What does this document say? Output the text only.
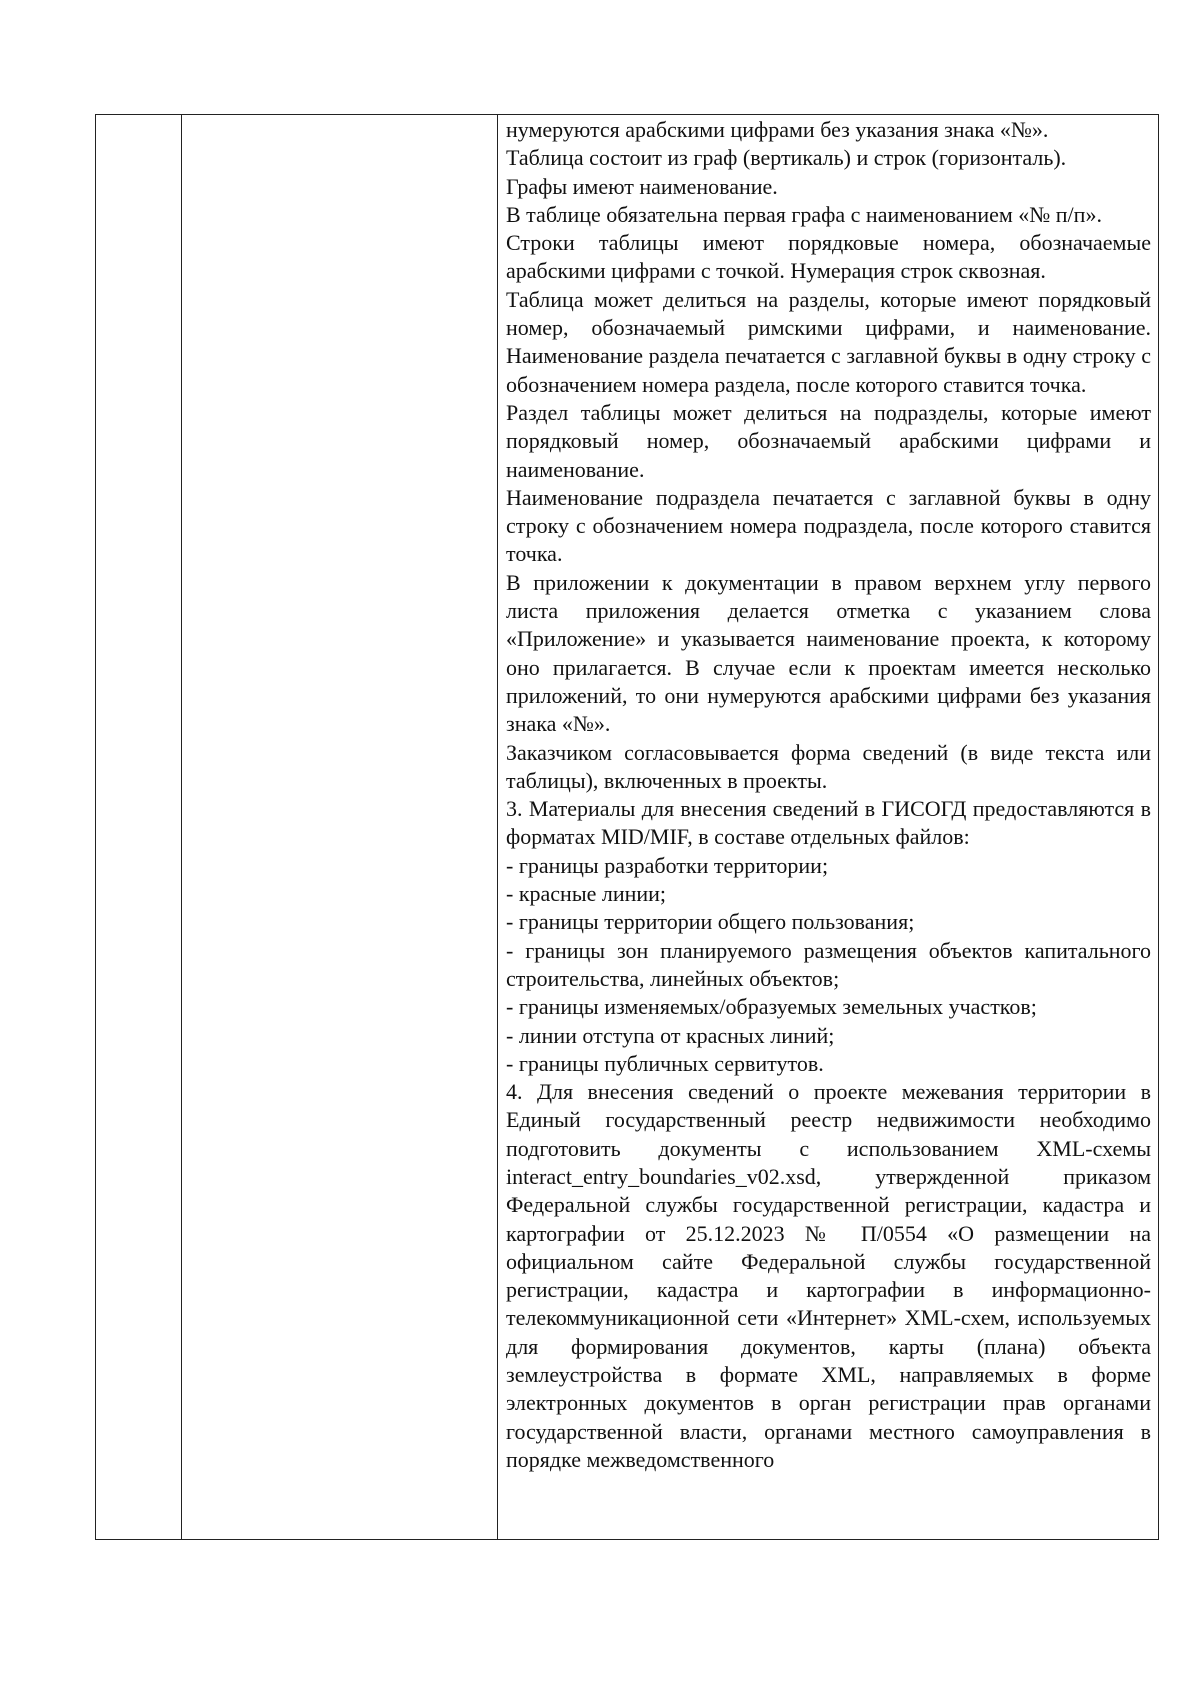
нумеруются арабскими цифрами без указания знака «№».

Таблица состоит из граф (вертикаль) и строк (горизонталь).

Графы имеют наименование.

В таблице обязательна первая графа с наименованием «№ п/п».

Строки таблицы имеют порядковые номера, обозначаемые арабскими цифрами с точкой. Нумерация строк сквозная.

Таблица может делиться на разделы, которые имеют порядковый номер, обозначаемый римскими цифрами, и наименование. Наименование раздела печатается с заглавной буквы в одну строку с обозначением номера раздела, после которого ставится точка.

Раздел таблицы может делиться на подразделы, которые имеют порядковый номер, обозначаемый арабскими цифрами и наименование.

Наименование подраздела печатается с заглавной буквы в одну строку с обозначением номера подраздела, после которого ставится точка.

В приложении к документации в правом верхнем углу первого листа приложения делается отметка с указанием слова «Приложение» и указывается наименование проекта, к которому оно прилагается. В случае если к проектам имеется несколько приложений, то они нумеруются арабскими цифрами без указания знака «№».

Заказчиком согласовывается форма сведений (в виде текста или таблицы), включенных в проекты.

3. Материалы для внесения сведений в ГИСОГД предоставляются в форматах MID/MIF, в составе отдельных файлов:

- границы разработки территории;

- красные линии;

- границы территории общего пользования;

- границы зон планируемого размещения объектов капитального строительства, линейных объектов;

- границы изменяемых/образуемых земельных участков;

- линии отступа от красных линий;

- границы публичных сервитутов.

4. Для внесения сведений о проекте межевания территории в Единый государственный реестр недвижимости необходимо подготовить документы с использованием XML-схемы interact_entry_boundaries_v02.xsd, утвержденной приказом Федеральной службы государственной регистрации, кадастра и картографии от 25.12.2023 № П/0554 «О размещении на официальном сайте Федеральной службы государственной регистрации, кадастра и картографии в информационно-телекоммуникационной сети «Интернет» XML-схем, используемых для формирования документов, карты (плана) объекта землеустройства в формате XML, направляемых в форме электронных документов в орган регистрации прав органами государственной власти, органами местного самоуправления в порядке межведомственного
